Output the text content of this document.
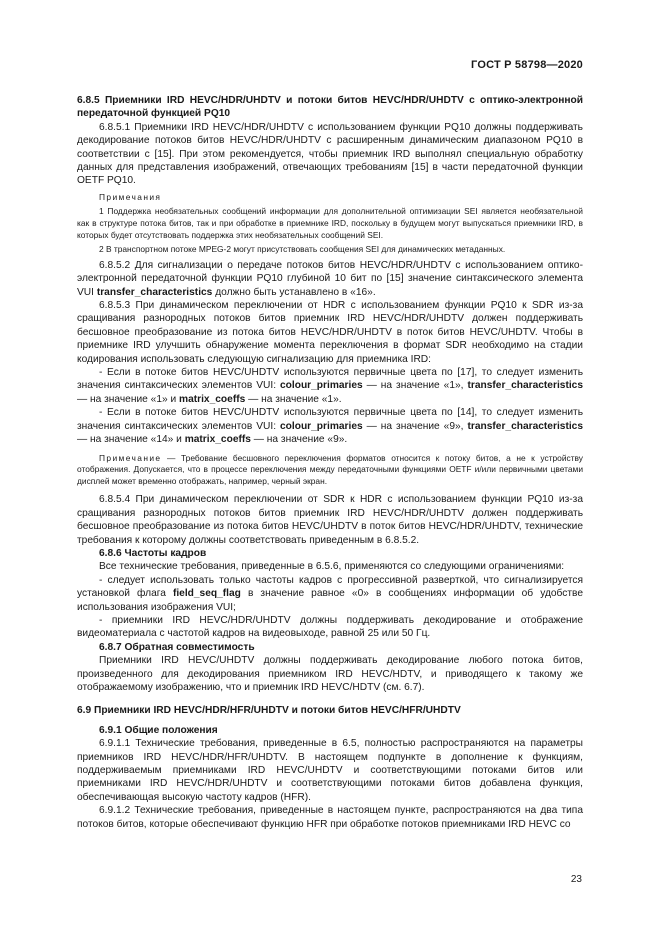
ГОСТ Р 58798—2020

6.8.5 Приемники IRD HEVC/HDR/UHDTV и потоки битов HEVC/HDR/UHDTV с оптико-электронной передаточной функцией PQ10

6.8.5.1 Приемники IRD HEVC/HDR/UHDTV с использованием функции PQ10 должны поддерживать декодирование потоков битов HEVC/HDR/UHDTV с расширенным динамическим диапазоном PQ10 в соответствии с [15]. При этом рекомендуется, чтобы приемник IRD выполнял специальную обработку данных для представления изображений, отвечающих требованиям [15] в части передаточной функции OETF PQ10.

Примечания

1 Поддержка необязательных сообщений информации для дополнительной оптимизации SEI является необязательной как в структуре потока битов, так и при обработке в приемнике IRD, поскольку в будущем могут выпускаться приемники IRD, в которых будет отсутствовать поддержка этих необязательных сообщений SEI.

2 В транспортном потоке MPEG-2 могут присутствовать сообщения SEI для динамических метаданных.

6.8.5.2 Для сигнализации о передаче потоков битов HEVC/HDR/UHDTV с использованием оптико-электронной передаточной функции PQ10 глубиной 10 бит по [15] значение синтаксического элемента VUI transfer_characteristics должно быть устанавлено в «16».

6.8.5.3 При динамическом переключении от HDR с использованием функции PQ10 к SDR из-за сращивания разнородных потоков битов приемник IRD HEVC/HDR/UHDTV должен поддерживать бесшовное преобразование из потока битов HEVC/HDR/UHDTV в поток битов HEVC/UHDTV. Чтобы в приемнике IRD улучшить обнаружение момента переключения в формат SDR необходимо на стадии кодирования использовать следующую сигнализацию для приемника IRD:

- Если в потоке битов HEVC/UHDTV используются первичные цвета по [17], то следует изменить значения синтаксических элементов VUI: colour_primaries — на значение «1», transfer_characteristics — на значение «1» и matrix_coeffs — на значение «1».

- Если в потоке битов HEVC/UHDTV используются первичные цвета по [14], то следует изменить значения синтаксических элементов VUI: colour_primaries — на значение «9», transfer_characteristics — на значение «14» и matrix_coeffs — на значение «9».

Примечание — Требование бесшовного переключения форматов относится к потоку битов, а не к устройству отображения. Допускается, что в процессе переключения между передаточными функциями OETF и/или первичными цветами дисплей может временно отображать, например, черный экран.

6.8.5.4 При динамическом переключении от SDR к HDR с использованием функции PQ10 из-за сращивания разнородных потоков битов приемник IRD HEVC/HDR/UHDTV должен поддерживать бесшовное преобразование из потока битов HEVC/UHDTV в поток битов HEVC/HDR/UHDTV, технические требования к которому должны соответствовать приведенным в 6.8.5.2.

6.8.6 Частоты кадров

Все технические требования, приведенные в 6.5.6, применяются со следующими ограничениями:

- следует использовать только частоты кадров с прогрессивной разверткой, что сигнализируется установкой флага field_seq_flag в значение равное «0» в сообщениях информации об удобстве использования изображения VUI;

- приемники IRD HEVC/HDR/UHDTV должны поддерживать декодирование и отображение видеоматериала с частотой кадров на видеовыходе, равной 25 или 50 Гц.

6.8.7 Обратная совместимость

Приемники IRD HEVC/UHDTV должны поддерживать декодирование любого потока битов, произведенного для декодирования приемником IRD HEVC/HDTV, и приводящего к такому же отображаемому изображению, что и приемник IRD HEVC/HDTV (см. 6.7).

6.9 Приемники IRD HEVC/HDR/HFR/UHDTV и потоки битов HEVC/HFR/UHDTV

6.9.1 Общие положения

6.9.1.1 Технические требования, приведенные в 6.5, полностью распространяются на параметры приемников IRD HEVC/HDR/HFR/UHDTV. В настоящем подпункте в дополнение к функциям, поддерживаемым приемниками IRD HEVC/UHDTV и соответствующими потоками битов или приемниками IRD HEVC/HDR/UHDTV и соответствующими потоками битов добавлена функция, обеспечивающая высокую частоту кадров (HFR).

6.9.1.2 Технические требования, приведенные в настоящем пункте, распространяются на два типа потоков битов, которые обеспечивают функцию HFR при обработке потоков приемниками IRD HEVC со

23
